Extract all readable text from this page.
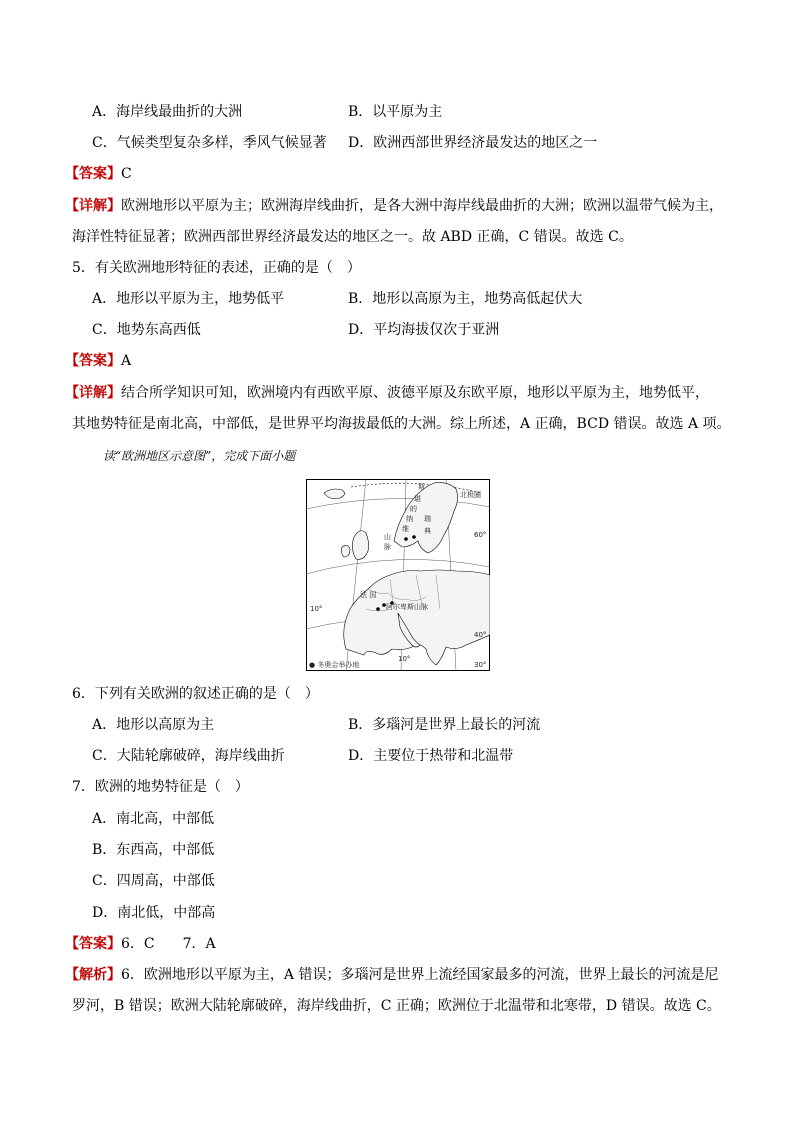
A．海岸线最曲折的大洲	B．以平原为主
C．气候类型复杂多样，季风气候显著 D．欧洲西部世界经济最发达的地区之一
【答案】C
【详解】欧洲地形以平原为主；欧洲海岸线曲折，是各大洲中海岸线最曲折的大洲；欧洲以温带气候为主，
海洋性特征显著；欧洲西部世界经济最发达的地区之一。故 ABD 正确，C 错误。故选 C。
5．有关欧洲地形特征的表述，正确的是（　）
A．地形以平原为主，地势低平	B．地形以高原为主，地势高低起伏大
C．地势东高西低	D．平均海拔仅次于亚洲
【答案】A
【详解】结合所学知识可知，欧洲境内有西欧平原、波德平原及东欧平原，地形以平原为主，地势低平，
其地势特征是南北高，中部低，是世界平均海拔最低的大洲。综上所述，A 正确，BCD 错误。故选 A 项。
读“欧洲地区示意图”，完成下面小题
斯
堪
的
纳
维
瑞
典
山
脉
北极圈
60°
法 国
阿尔卑斯山脉
10°
10°
40°
30°
● 冬奥会举办地
6．下列有关欧洲的叙述正确的是（　）
A．地形以高原为主	B．多瑙河是世界上最长的河流
C．大陆轮廓破碎，海岸线曲折	D．主要位于热带和北温带
7．欧洲的地势特征是（　）
A．南北高，中部低
B．东西高，中部低
C．四周高，中部低
D．南北低，中部高
【答案】6．C　　7．A
【解析】6．欧洲地形以平原为主，A 错误；多瑙河是世界上流经国家最多的河流，世界上最长的河流是尼
罗河，B 错误；欧洲大陆轮廓破碎，海岸线曲折，C 正确；欧洲位于北温带和北寒带，D 错误。故选 C。
